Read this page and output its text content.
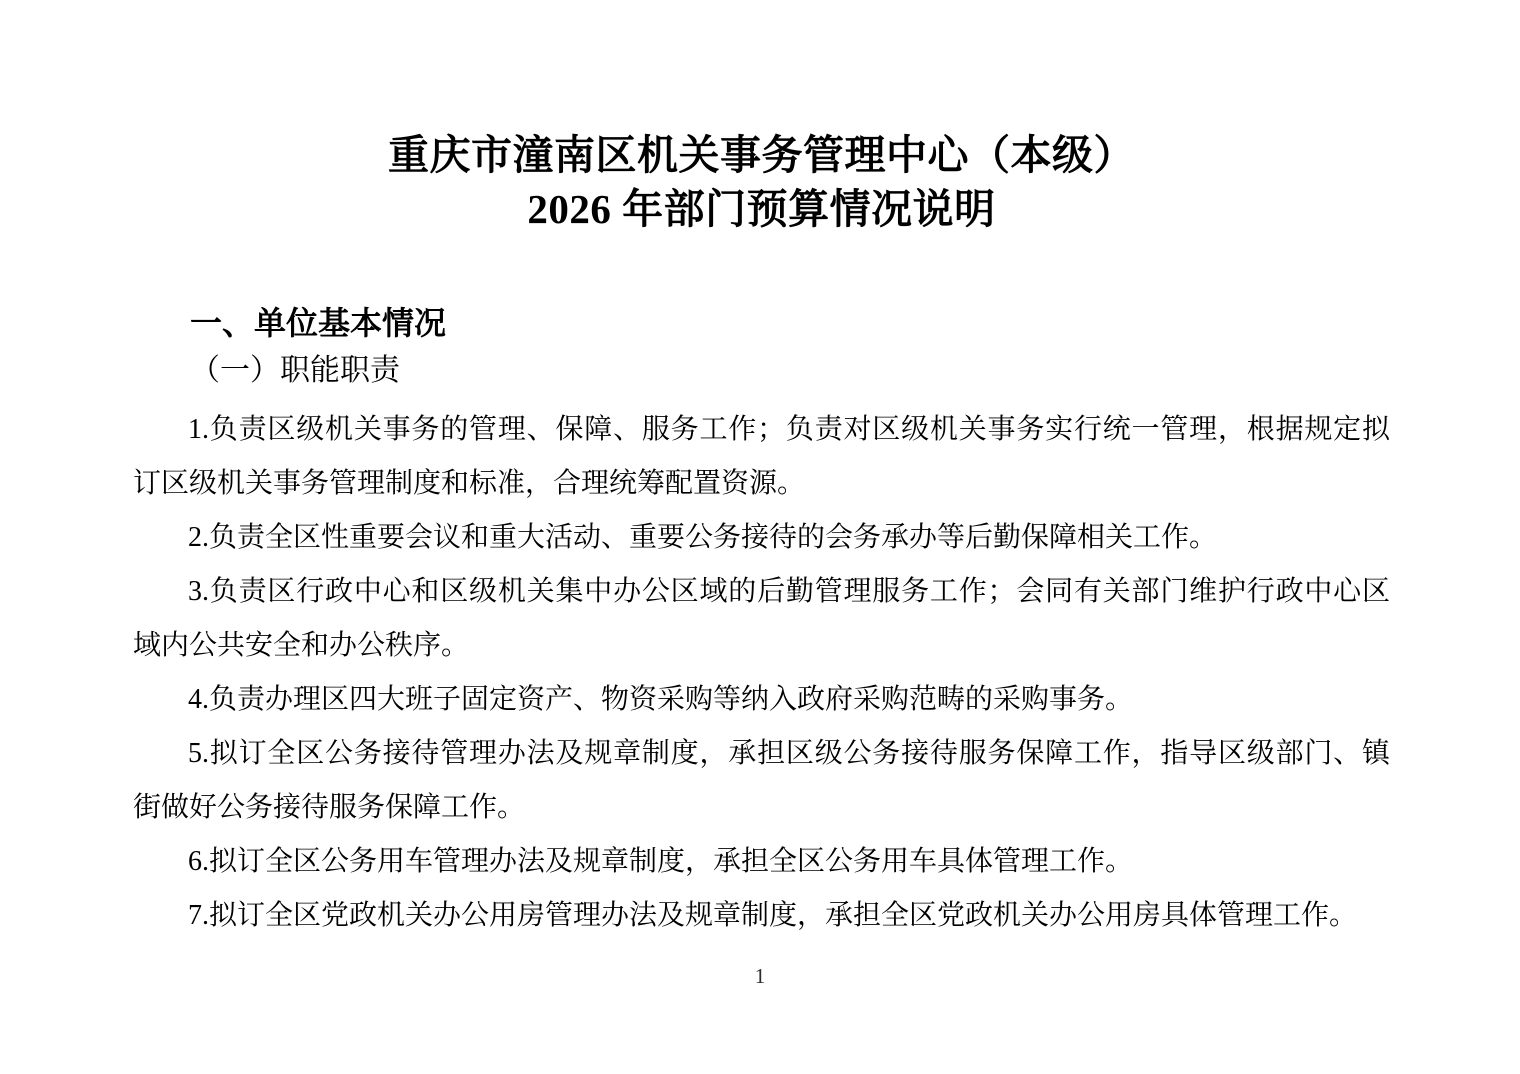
重庆市潼南区机关事务管理中心（本级）
2026 年部门预算情况说明
一、单位基本情况
（一）职能职责

1.负责区级机关事务的管理、保障、服务工作；负责对区级机关事务实行统一管理，根据规定拟
订区级机关事务管理制度和标准，合理统筹配置资源。

2.负责全区性重要会议和重大活动、重要公务接待的会务承办等后勤保障相关工作。

3.负责区行政中心和区级机关集中办公区域的后勤管理服务工作；会同有关部门维护行政中心区
域内公共安全和办公秩序。

4.负责办理区四大班子固定资产、物资采购等纳入政府采购范畴的采购事务。

5.拟订全区公务接待管理办法及规章制度，承担区级公务接待服务保障工作，指导区级部门、镇
街做好公务接待服务保障工作。

6.拟订全区公务用车管理办法及规章制度，承担全区公务用车具体管理工作。

7.拟订全区党政机关办公用房管理办法及规章制度，承担全区党政机关办公用房具体管理工作。

1
